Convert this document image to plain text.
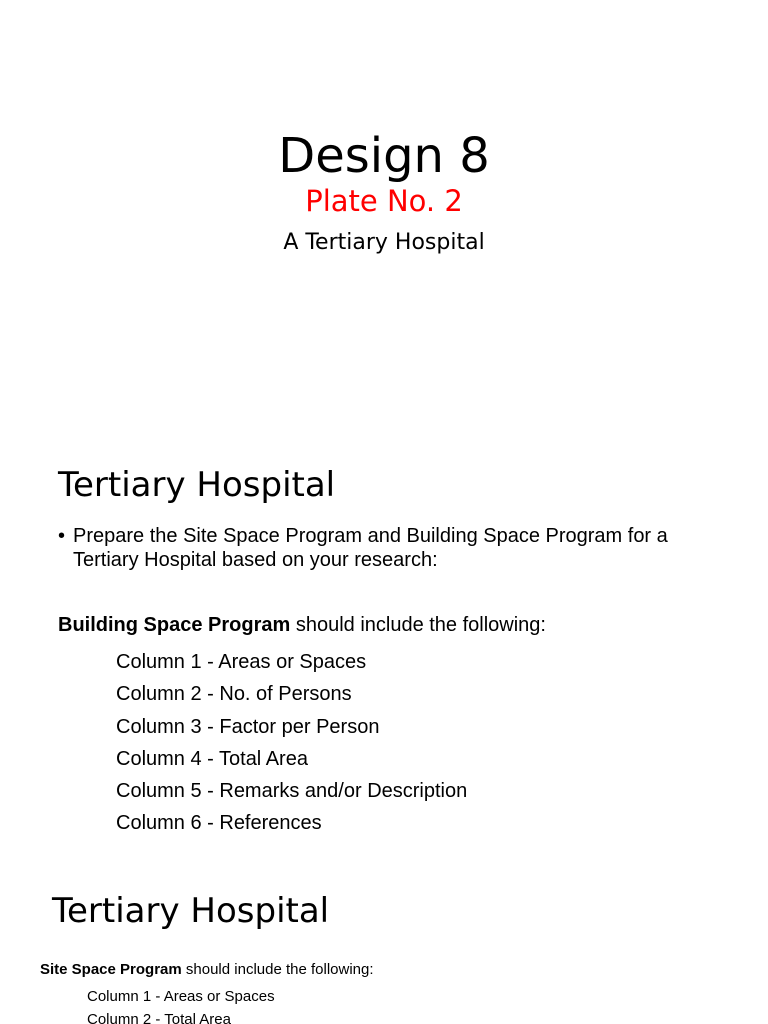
Design 8
Plate No. 2
A Tertiary Hospital
Tertiary Hospital
• Prepare the Site Space Program and Building Space Program for a Tertiary Hospital based on your research:
Building Space Program should include the following:
Column 1 - Areas or Spaces
Column 2 - No. of Persons
Column 3 - Factor per Person
Column 4 - Total Area
Column 5 - Remarks and/or Description
Column 6 - References
Tertiary Hospital
Site Space Program should include the following:
Column 1 - Areas or Spaces
Column 2 - Total Area
